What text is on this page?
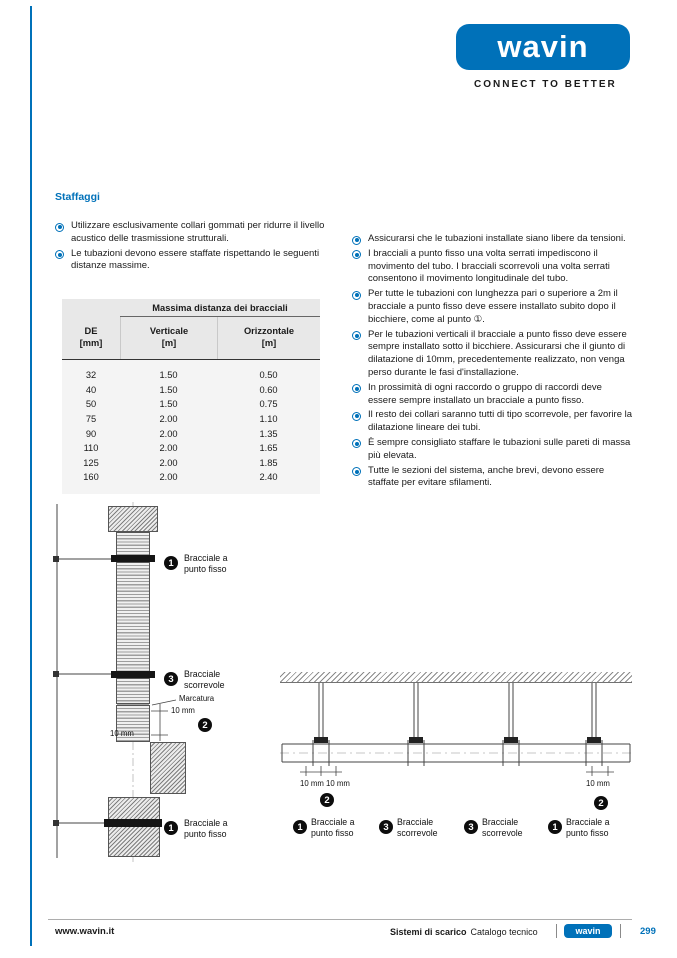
wavin
CONNECT TO BETTER
Staffaggi
Utilizzare esclusivamente collari gommati per ridurre il livello acustico delle trasmissione strutturali.
Le tubazioni devono essere staffate rispettando le seguenti distanze massime.
Massima distanza dei bracciali
DE
[mm]
Verticale
[m]
Orizzontale
[m]
32	1.50	0.50
40	1.50	0.60
50	1.50	0.75
75	2.00	1.10
90	2.00	1.35
110	2.00	1.65
125	2.00	1.85
160	2.00	2.40
Assicurarsi che le tubazioni installate siano libere da tensioni.
I bracciali a punto fisso una volta serrati impediscono il movimento del tubo. I bracciali scorrevoli una volta serrati consentono il movimento longitudinale del tubo.
Per tutte le tubazioni con lunghezza pari o superiore a 2m il bracciale a punto fisso deve essere installato subito dopo il bicchiere, come al punto ①.
Per le tubazioni verticali il bracciale a punto fisso deve essere sempre installato sotto il bicchiere. Assicurarsi che il giunto di dilatazione di 10mm, precedentemente realizzato, non venga perso durante le fasi d'installazione.
In prossimità di ogni raccordo o gruppo di raccordi deve essere sempre installato un bracciale a punto fisso.
Il resto dei collari saranno tutti di tipo scorrevole, per favorire la dilatazione lineare dei tubi.
È sempre consigliato staffare le tubazioni sulle pareti di massa più elevata.
Tutte le sezioni del sistema, anche brevi, devono essere staffate per evitare sfilamenti.
1	Bracciale a punto fisso
3	Bracciale scorrevole
Marcatura
10 mm
10 mm
2
1	Bracciale a punto fisso
10 mm 10 mm
2
10 mm
2
1 Bracciale a punto fisso	3 Bracciale scorrevole	3 Bracciale scorrevole	1 Bracciale a punto fisso
www.wavin.it	Sistemi di scarico Catalogo tecnico	wavin	299
